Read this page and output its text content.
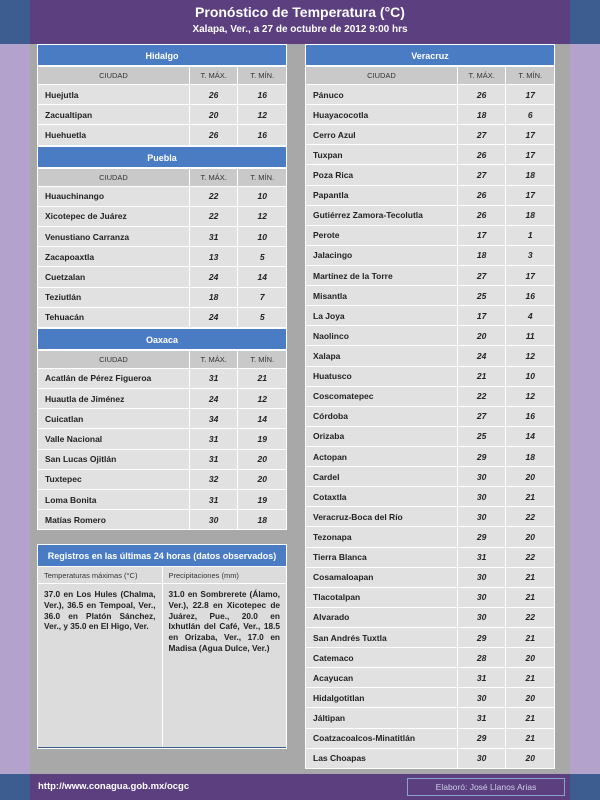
Pronóstico de Temperatura (°C)
Xalapa, Ver., a 27 de octubre de 2012 9:00 hrs
Hidalgo
CIUDAD	T. MÁX.	T. MÍN.
Huejutla	26	16
Zacualtipan	20	12
Huehuetla	26	16
Puebla
CIUDAD	T. MÁX.	T. MÍN.
Huauchinango	22	10
Xicotepec de Juárez	22	12
Venustiano Carranza	31	10
Zacapoaxtla	13	5
Cuetzalan	24	14
Teziutlán	18	7
Tehuacán	24	5
Oaxaca
CIUDAD	T. MÁX.	T. MÍN.
Acatlán de Pérez Figueroa	31	21
Huautla de Jiménez	24	12
Cuicatlan	34	14
Valle Nacional	31	19
San Lucas Ojitlán	31	20
Tuxtepec	32	20
Loma Bonita	31	19
Matías Romero	30	18
Veracruz
CIUDAD	T. MÁX.	T. MÍN.
Pánuco	26	17
Huayacocotla	18	6
Cerro Azul	27	17
Tuxpan	26	17
Poza Rica	27	18
Papantla	26	17
Gutiérrez Zamora-Tecolutla	26	18
Perote	17	1
Jalacingo	18	3
Martínez de la Torre	27	17
Misantla	25	16
La Joya	17	4
Naolinco	20	11
Xalapa	24	12
Huatusco	21	10
Coscomatepec	22	12
Córdoba	27	16
Orizaba	25	14
Actopan	29	18
Cardel	30	20
Cotaxtla	30	21
Veracruz-Boca del Río	30	22
Tezonapa	29	20
Tierra Blanca	31	22
Cosamaloapan	30	21
Tlacotalpan	30	21
Alvarado	30	22
San Andrés Tuxtla	29	21
Catemaco	28	20
Acayucan	31	21
Hidalgotitlan	30	20
Jáltipan	31	21
Coatzacoalcos-Minatitlán	29	21
Las Choapas	30	20
Registros en las últimas 24 horas (datos observados)
Temperaturas máximas (°C)	Precipitaciones (mm)
37.0 en Los Hules (Chalma, Ver.), 36.5 en Tempoal, Ver., 36.0 en Platón Sánchez, Ver., y 35.0 en El Higo, Ver.
31.0 en Sombrerete (Álamo, Ver.), 22.8 en Xicotepec de Juárez, Pue., 20.0 en Ixhutlán del Café, Ver., 18.5 en Orizaba, Ver., 17.0 en Madisa (Agua Dulce, Ver.)
http://www.conagua.gob.mx/ocgc	Elaboró: José Llanos Arias
